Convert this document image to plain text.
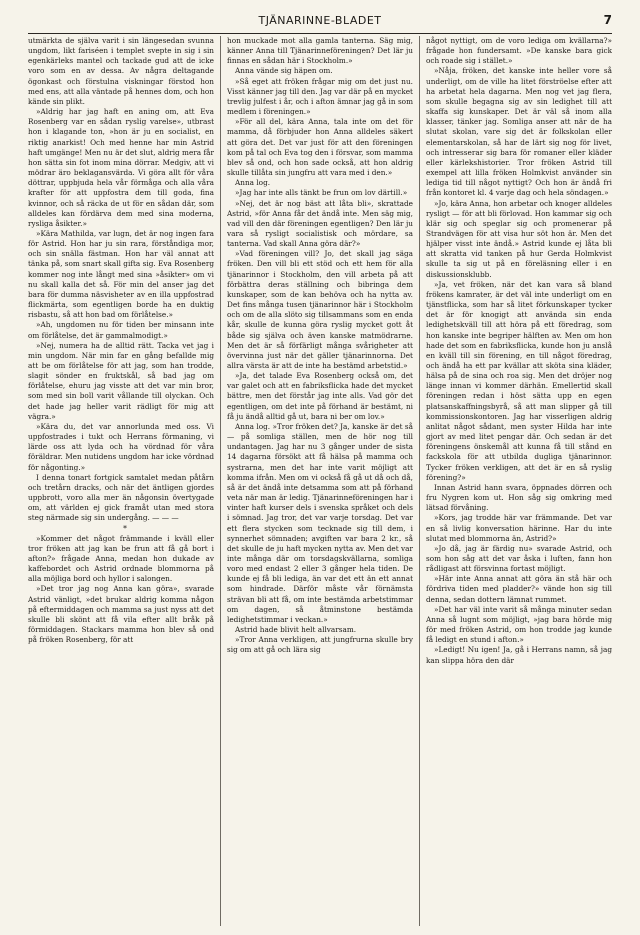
TJÄNARINNE-BLADET	7

utmärkta de själva varit i sin längesedan svunna ungdom, likt fariséen i templet svepte in sig i sin egenkärleks mantel och tackade gud att de icke voro som en av dessa. Av några deltagande ögonkast och förstulna viskningar förstod hon med ens, att alla väntade på hennes dom, och hon kände sin plikt.

»Aldrig har jag haft en aning om, att Eva Rosenberg var en sådan ryslig varelse», utbrast hon i klagande ton, »hon är ju en socialist, en riktig anarkist! Och med henne har min Astrid haft umgänge! Men nu är det slut, aldrig mera får hon sätta sin fot inom mina dörrar. Medgiv, att vi mödrar äro beklagansvärda. Vi göra allt för våra döttrar, uppbjuda hela vår förmåga och alla våra krafter för att uppfostra dem till goda, fina kvinnor, och så räcka de ut för en sådan där, som alldeles kan fördärva dem med sina moderna, rysliga åsikter.»

»Kära Mathilda, var lugn, det är nog ingen fara för Astrid. Hon har ju sin rara, förståndiga mor, och sin snälla fästman. Hon har väl annat att tänka på, som snart skall gifta sig. Eva Rosenberg kommer nog inte långt med sina »åsikter» om vi nu skall kalla det så. För min del anser jag det bara för dumma näsvisheter av en illa uppfostrad flickmärta, som egentligen borde ha en duktig risbastu, så att hon bad om förlåtelse.»

»Ah, ungdomen nu för tiden ber minsann inte om förlåtelse, det är gammalmodigt.»

»Nej, numera ha de alltid rätt. Tacka vet jag i min ungdom. När min far en gång befallde mig att be om förlåtelse för att jag, som han trodde, slagit sönder en fruktskål, så bad jag om förlåtelse, ehuru jag visste att det var min bror, som med sin boll varit vållande till olyckan. Och det hade jag heller varit rädligt för mig att vägra.»

»Kära du, det var annorlunda med oss. Vi uppfostrades i tukt och Herrans förmaning, vi lärde oss att lyda och ha vördnad för våra föräldrar. Men nutidens ungdom har icke vördnad för någonting.»

I denna tonart fortgick samtalet medan påtårn och tretårn dracks, och när det äntligen gjordes uppbrott, voro alla mer än någonsin övertygade om, att världen ej gick framåt utan med stora steg närmade sig sin undergång. — — —

*

»Kommer det något främmande i kväll eller tror fröken att jag kan be frun att få gå bort i afton?» frågade Anna, medan hon dukade av kaffebordet och Astrid ordnade blommorna på alla möjliga bord och hyllor i salongen.

»Det tror jag nog Anna kan göra», svarade Astrid vänligt, »det brukar aldrig komma någon på eftermiddagen och mamma sa just nyss att det skulle bli skönt att få vila efter allt bråk på förmiddagen. Stackars mamma hon blev så ond på fröken Rosenberg, för att

hon muckade mot alla gamla tanterna. Säg mig, känner Anna till Tjänarinneföreningen? Det lär ju finnas en sådan här i Stockholm.»

Anna vände sig häpen om.

»Så eget att fröken frågar mig om det just nu. Visst känner jag till den. Jag var där på en mycket trevlig julfest i år, och i afton ämnar jag gå in som medlem i föreningen.»

»För all del, kära Anna, tala inte om det för mamma, då förbjuder hon Anna alldeles säkert att göra det. Det var just för att den föreningen kom på tal och Eva tog den i försvar, som mamma blev så ond, och hon sade också, att hon aldrig skulle tillåta sin jungfru att vara med i den.»

Anna log.

»Jag har inte alls tänkt be frun om lov därtill.»

»Nej, det är nog bäst att låta bli», skrattade Astrid, »för Anna får det ändå inte. Men säg mig, vad vill den där föreningen egentligen? Den lär ju vara så rysligt socialistisk och mördare, sa tanterna. Vad skall Anna göra där?»

»Vad föreningen vill? Jo, det skall jag säga fröken. Den vill bli ett stöd och ett hem för alla tjänarinnor i Stockholm, den vill arbeta på att förbättra deras ställning och bibringa dem kunskaper, som de kan behöva och ha nytta av. Det fins många tusen tjänarinnor här i Stockholm och om de alla slöto sig tillsammans som en enda kår, skulle de kunna göra ryslig mycket gott åt både sig själva och även kanske matmödrarne. Men det är så förfärligt många svårigheter att övervinna just när det gäller tjänarinnorna. Det allra värsta är att de inte ha bestämd arbetstid.»

»Ja, det talade Eva Rosenberg också om, det var galet och att en fabriksflicka hade det mycket bättre, men det förstår jag inte alls. Vad gör det egentligen, om det inte på förhand är bestämt, ni få ju ändå alltid gå ut, bara ni ber om lov.»

Anna log. »Tror fröken det? Ja, kanske är det så — på somliga ställen, men de hör nog till undantagen. Jag har nu 3 gånger under de sista 14 dagarna försökt att få hälsa på mamma och systrarna, men det har inte varit möjligt att komma ifrån. Men om vi också få gå ut då och då, så är det ändå inte detsamma som att på förhand veta när man är ledig. Tjänarinneföreningen har i vinter haft kurser dels i svenska språket och dels i sömnad. Jag tror, det var varje torsdag. Det var ett flera stycken som tecknade sig till dem, i synnerhet sömnaden; avgiften var bara 2 kr., så det skulle de ju haft mycken nytta av. Men det var inte många där om torsdagskvällarna, somliga voro med endast 2 eller 3 gånger hela tiden. De kunde ej få bli lediga, än var det ett än ett annat som hindrade. Därför måste vår förnämsta strävan bli att få, om inte bestämda arbetstimmar om dagen, så åtminstone bestämda ledighetstimmar i veckan.»

Astrid hade blivit helt allvarsam.

»Tror Anna verkligen, att jungfrurna skulle bry sig om att gå och lära sig

något nyttigt, om de voro lediga om kvällarna?» frågade hon fundersamt. »De kanske bara gick och roade sig i stället.»

»Nåja, fröken, det kanske inte heller vore så underligt, om de ville ha litet förströelse efter att ha arbetat hela dagarna. Men nog vet jag flera, som skulle begagna sig av sin ledighet till att skaffa sig kunskaper. Det är väl så inom alla klasser, tänker jag. Somliga anser att när de ha slutat skolan, vare sig det är folkskolan eller elementarskolan, så har de lärt sig nog för livet, och intresserar sig bara för romaner eller kläder eller kärlekshistorier. Tror fröken Astrid till exempel att lilla fröken Holmkvist använder sin lediga tid till något nyttigt? Och hon är ändå fri från kontoret kl. 4 varje dag och hela söndagen.»

»Jo, kära Anna, hon arbetar och knoger alldeles rysligt — för att bli förlovad. Hon kammar sig och klär sig och speglar sig och promenerar på Strandvägen för att visa hur söt hon är. Men det hjälper visst inte ändå.» Astrid kunde ej låta bli att skratta vid tanken på hur Gerda Holmkvist skulle ta sig ut på en föreläsning eller i en diskussionsklubb.

»Ja, vet fröken, när det kan vara så bland frökens kamrater, är det väl inte underligt om en tjänstflicka, som har så litet förkunskaper tycker det är för knogigt att använda sin enda ledighetskväll till att höra på ett föredrag, som hon kanske inte begriper hälften av. Men om hon hade det som en fabriksflicka, kunde hon ju anslå en kväll till sin förening, en till något föredrag, och ändå ha ett par kvällar att sköta sina kläder, hälsa på de sina och roa sig. Men det dröjer nog länge innan vi kommer därhän. Emellertid skall föreningen redan i höst sätta upp en egen platsanskaffningsbyrå, så att man slipper gå till kommissionskontoren. Jag har visserligen aldrig anlitat något sådant, men syster Hilda har inte gjort av med litet pengar där. Och sedan är det föreningens önskemål att kunna få till stånd en fackskola för att utbilda dugliga tjänarinnor. Tycker fröken verkligen, att det är en så ryslig förening?»

Innan Astrid hann svara, öppnades dörren och fru Nygren kom ut. Hon såg sig omkring med lätsad förvåning.

»Kors, jag trodde här var främmande. Det var en så livlig konversation härinne. Har du inte slutat med blommorna än, Astrid?»

»Jo då, jag är färdig nu» svarade Astrid, och som hon såg att det var åska i luften, fann hon rådligast att försvinna fortast möjligt.

»Här inte Anna annat att göra än stå här och fördriva tiden med pladder?» vände hon sig till denna, sedan dottern lämnat rummet.

»Det har väl inte varit så många minuter sedan Anna så lugnt som möjligt, »jag bara hörde mig för med fröken Astrid, om hon trodde jag kunde få ledigt en stund i afton.»

»Ledigt! Nu igen! Ja, gå i Herrans namn, så jag kan slippa höra den där
